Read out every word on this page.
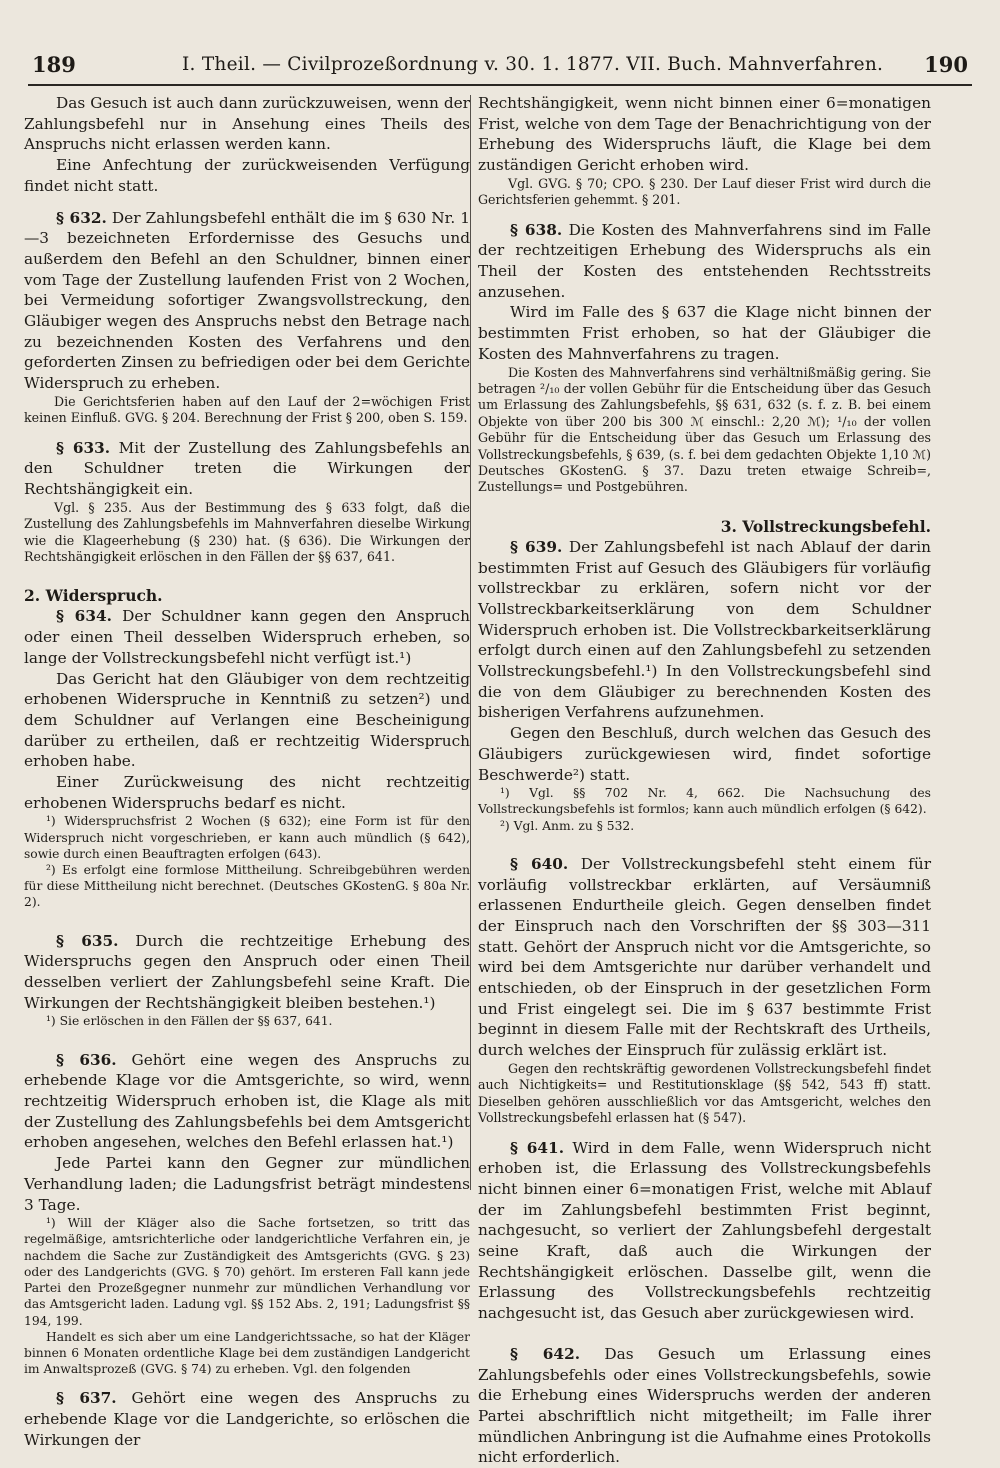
189	I. Theil. — Civilprozeßordnung v. 30. 1. 1877. VII. Buch. Mahnverfahren. 190

Das Gesuch ist auch dann zurückzuweisen, wenn der Zahlungsbefehl nur in Ansehung eines Theils des Anspruchs nicht erlassen werden kann.

Eine Anfechtung der zurückweisenden Verfügung findet nicht statt.

§ 632. Der Zahlungsbefehl enthält die im § 630 Nr. 1—3 bezeichneten Erfordernisse des Gesuchs und außerdem den Befehl an den Schuldner, binnen einer vom Tage der Zustellung laufenden Frist von 2 Wochen, bei Vermeidung sofortiger Zwangsvollstreckung, den Gläubiger wegen des Anspruchs nebst den Betrage nach zu bezeichnenden Kosten des Verfahrens und den geforderten Zinsen zu befriedigen oder bei dem Gerichte Widerspruch zu erheben.

Die Gerichtsferien haben auf den Lauf der 2=wöchigen Frist keinen Einfluß. GVG. § 204. Berechnung der Frist § 200, oben S. 159.

§ 633. Mit der Zustellung des Zahlungsbefehls an den Schuldner treten die Wirkungen der Rechtshängigkeit ein.

Vgl. § 235. Aus der Bestimmung des § 633 folgt, daß die Zustellung des Zahlungsbefehls im Mahnverfahren dieselbe Wirkung wie die Klageerhebung (§ 230) hat. (§ 636). Die Wirkungen der Rechtshängigkeit erlöschen in den Fällen der §§ 637, 641.

2. Widerspruch.

§ 634. Der Schuldner kann gegen den Anspruch oder einen Theil desselben Widerspruch erheben, so lange der Vollstreckungsbefehl nicht verfügt ist.¹)

Das Gericht hat den Gläubiger von dem rechtzeitig erhobenen Widerspruche in Kenntniß zu setzen²) und dem Schuldner auf Verlangen eine Bescheinigung darüber zu ertheilen, daß er rechtzeitig Widerspruch erhoben habe.

Einer Zurückweisung des nicht rechtzeitig erhobenen Widerspruchs bedarf es nicht.

¹) Widerspruchsfrist 2 Wochen (§ 632); eine Form ist für den Widerspruch nicht vorgeschrieben, er kann auch mündlich (§ 642), sowie durch einen Beauftragten erfolgen (643).

²) Es erfolgt eine formlose Mittheilung. Schreibgebühren werden für diese Mittheilung nicht berechnet. (Deutsches GKostenG. § 80a Nr. 2).

§ 635. Durch die rechtzeitige Erhebung des Widerspruchs gegen den Anspruch oder einen Theil desselben verliert der Zahlungsbefehl seine Kraft. Die Wirkungen der Rechtshängigkeit bleiben bestehen.¹)

¹) Sie erlöschen in den Fällen der §§ 637, 641.

§ 636. Gehört eine wegen des Anspruchs zu erhebende Klage vor die Amtsgerichte, so wird, wenn rechtzeitig Widerspruch erhoben ist, die Klage als mit der Zustellung des Zahlungsbefehls bei dem Amtsgericht erhoben angesehen, welches den Befehl erlassen hat.¹)

Jede Partei kann den Gegner zur mündlichen Verhandlung laden; die Ladungsfrist beträgt mindestens 3 Tage.

¹) Will der Kläger also die Sache fortsetzen, so tritt das regelmäßige, amtsrichterliche oder landgerichtliche Verfahren ein, je nachdem die Sache zur Zuständigkeit des Amtsgerichts (GVG. § 23) oder des Landgerichts (GVG. § 70) gehört. Im ersteren Fall kann jede Partei den Prozeßgegner nunmehr zur mündlichen Verhandlung vor das Amtsgericht laden. Ladung vgl. §§ 152 Abs. 2, 191; Ladungsfrist §§ 194, 199.

Handelt es sich aber um eine Landgerichtssache, so hat der Kläger binnen 6 Monaten ordentliche Klage bei dem zuständigen Landgericht im Anwaltsprozeß (GVG. § 74) zu erheben. Vgl. den folgenden

§ 637. Gehört eine wegen des Anspruchs zu erhebende Klage vor die Landgerichte, so erlöschen die Wirkungen der

Rechtshängigkeit, wenn nicht binnen einer 6=monatigen Frist, welche von dem Tage der Benachrichtigung von der Erhebung des Widerspruchs läuft, die Klage bei dem zuständigen Gericht erhoben wird.

Vgl. GVG. § 70; CPO. § 230. Der Lauf dieser Frist wird durch die Gerichtsferien gehemmt. § 201.

§ 638. Die Kosten des Mahnverfahrens sind im Falle der rechtzeitigen Erhebung des Widerspruchs als ein Theil der Kosten des entstehenden Rechtsstreits anzusehen.

Wird im Falle des § 637 die Klage nicht binnen der bestimmten Frist erhoben, so hat der Gläubiger die Kosten des Mahnverfahrens zu tragen.

Die Kosten des Mahnverfahrens sind verhältnißmäßig gering. Sie betragen ²/₁₀ der vollen Gebühr für die Entscheidung über das Gesuch um Erlassung des Zahlungsbefehls, §§ 631, 632 (s. f. z. B. bei einem Objekte von über 200 bis 300 ℳ einschl.: 2,20 ℳ); ¹/₁₀ der vollen Gebühr für die Entscheidung über das Gesuch um Erlassung des Vollstreckungsbefehls, § 639, (s. f. bei dem gedachten Objekte 1,10 ℳ) Deutsches GKostenG. § 37. Dazu treten etwaige Schreib=, Zustellungs= und Postgebühren.

3. Vollstreckungsbefehl.

§ 639. Der Zahlungsbefehl ist nach Ablauf der darin bestimmten Frist auf Gesuch des Gläubigers für vorläufig vollstreckbar zu erklären, sofern nicht vor der Vollstreckbarkeitserklärung von dem Schuldner Widerspruch erhoben ist. Die Vollstreckbarkeitserklärung erfolgt durch einen auf den Zahlungsbefehl zu setzenden Vollstreckungsbefehl.¹) In den Vollstreckungsbefehl sind die von dem Gläubiger zu berechnenden Kosten des bisherigen Verfahrens aufzunehmen.

Gegen den Beschluß, durch welchen das Gesuch des Gläubigers zurückgewiesen wird, findet sofortige Beschwerde²) statt.

¹) Vgl. §§ 702 Nr. 4, 662. Die Nachsuchung des Vollstreckungsbefehls ist formlos; kann auch mündlich erfolgen (§ 642).

²) Vgl. Anm. zu § 532.

§ 640. Der Vollstreckungsbefehl steht einem für vorläufig vollstreckbar erklärten, auf Versäumniß erlassenen Endurtheile gleich. Gegen denselben findet der Einspruch nach den Vorschriften der §§ 303—311 statt. Gehört der Anspruch nicht vor die Amtsgerichte, so wird bei dem Amtsgerichte nur darüber verhandelt und entschieden, ob der Einspruch in der gesetzlichen Form und Frist eingelegt sei. Die im § 637 bestimmte Frist beginnt in diesem Falle mit der Rechtskraft des Urtheils, durch welches der Einspruch für zulässig erklärt ist.

Gegen den rechtskräftig gewordenen Vollstreckungsbefehl findet auch Nichtigkeits= und Restitutionsklage (§§ 542, 543 ff) statt. Dieselben gehören ausschließlich vor das Amtsgericht, welches den Vollstreckungsbefehl erlassen hat (§ 547).

§ 641. Wird in dem Falle, wenn Widerspruch nicht erhoben ist, die Erlassung des Vollstreckungsbefehls nicht binnen einer 6=monatigen Frist, welche mit Ablauf der im Zahlungsbefehl bestimmten Frist beginnt, nachgesucht, so verliert der Zahlungsbefehl dergestalt seine Kraft, daß auch die Wirkungen der Rechtshängigkeit erlöschen. Dasselbe gilt, wenn die Erlassung des Vollstreckungsbefehls rechtzeitig nachgesucht ist, das Gesuch aber zurückgewiesen wird.

§ 642. Das Gesuch um Erlassung eines Zahlungsbefehls oder eines Vollstreckungsbefehls, sowie die Erhebung eines Widerspruchs werden der anderen Partei abschriftlich nicht mitgetheilt; im Falle ihrer mündlichen Anbringung ist die Aufnahme eines Protokolls nicht erforderlich.
